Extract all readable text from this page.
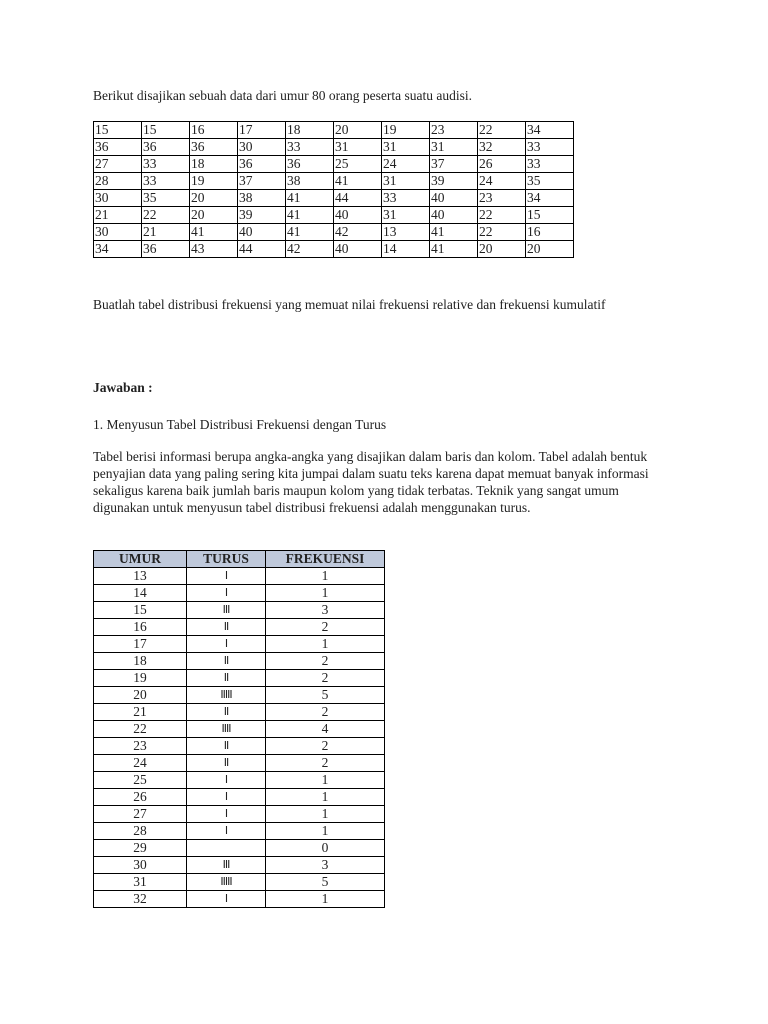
Berikut disajikan sebuah data dari umur 80 orang peserta suatu audisi.

15	15	16	17	18	20	19	23	22	34
36	36	36	30	33	31	31	31	32	33
27	33	18	36	36	25	24	37	26	33
28	33	19	37	38	41	31	39	24	35
30	35	20	38	41	44	33	40	23	34
21	22	20	39	41	40	31	40	22	15
30	21	41	40	41	42	13	41	22	16
34	36	43	44	42	40	14	41	20	20

Buatlah tabel distribusi frekuensi yang memuat nilai frekuensi relative dan frekuensi kumulatif

Jawaban :

1. Menyusun Tabel Distribusi Frekuensi dengan Turus

Tabel berisi informasi berupa angka-angka yang disajikan dalam baris dan kolom. Tabel adalah bentuk penyajian data yang paling sering kita jumpai dalam suatu teks karena dapat memuat banyak informasi sekaligus karena baik jumlah baris maupun kolom yang tidak terbatas. Teknik yang sangat umum digunakan untuk menyusun tabel distribusi frekuensi adalah menggunakan turus.

UMUR	TURUS	FREKUENSI
13	I	1
14	I	1
15	III	3
16	II	2
17	I	1
18	II	2
19	II	2
20	IIIII	5
21	II	2
22	IIII	4
23	II	2
24	II	2
25	I	1
26	I	1
27	I	1
28	I	1
29		0
30	III	3
31	IIIII	5
32	I	1
